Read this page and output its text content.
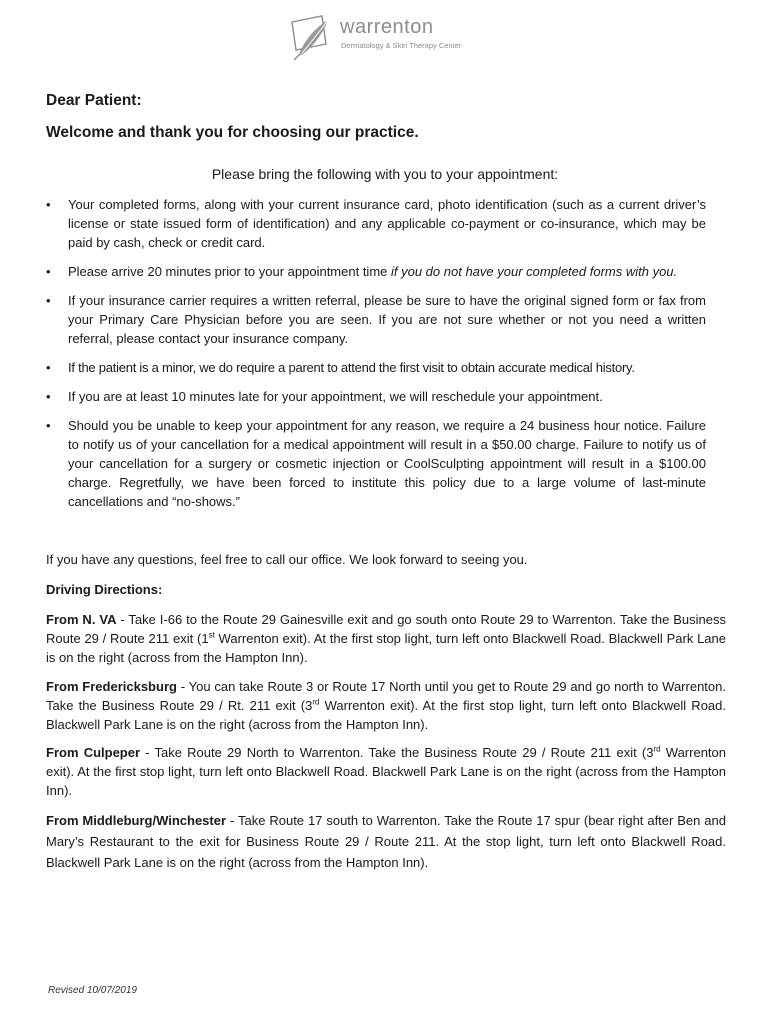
warrenton
Dermatology & Skin Therapy Center
Dear Patient:
Welcome and thank you for choosing our practice.
Please bring the following with you to your appointment:
• Your completed forms, along with your current insurance card, photo identification (such as a current driver’s license or state issued form of identification) and any applicable co-payment or co-insurance, which may be paid by cash, check or credit card.
• Please arrive 20 minutes prior to your appointment time if you do not have your completed forms with you.
• If your insurance carrier requires a written referral, please be sure to have the original signed form or fax from your Primary Care Physician before you are seen. If you are not sure whether or not you need a written referral, please contact your insurance company.
• If the patient is a minor, we do require a parent to attend the first visit to obtain accurate medical history.
• If you are at least 10 minutes late for your appointment, we will reschedule your appointment.
• Should you be unable to keep your appointment for any reason, we require a 24 business hour notice. Failure to notify us of your cancellation for a medical appointment will result in a $50.00 charge. Failure to notify us of your cancellation for a surgery or cosmetic injection or CoolSculpting appointment will result in a $100.00 charge. Regretfully, we have been forced to institute this policy due to a large volume of last-minute cancellations and “no-shows.”
If you have any questions, feel free to call our office. We look forward to seeing you.
Driving Directions:
From N. VA - Take I-66 to the Route 29 Gainesville exit and go south onto Route 29 to Warrenton. Take the Business Route 29 / Route 211 exit (1st Warrenton exit). At the first stop light, turn left onto Blackwell Road. Blackwell Park Lane is on the right (across from the Hampton Inn).
From Fredericksburg - You can take Route 3 or Route 17 North until you get to Route 29 and go north to Warrenton. Take the Business Route 29 / Rt. 211 exit (3rd Warrenton exit). At the first stop light, turn left onto Blackwell Road. Blackwell Park Lane is on the right (across from the Hampton Inn).
From Culpeper - Take Route 29 North to Warrenton. Take the Business Route 29 / Route 211 exit (3rd Warrenton exit). At the first stop light, turn left onto Blackwell Road. Blackwell Park Lane is on the right (across from the Hampton Inn).
From Middleburg/Winchester - Take Route 17 south to Warrenton. Take the Route 17 spur (bear right after Ben and Mary’s Restaurant to the exit for Business Route 29 / Route 211. At the stop light, turn left onto Blackwell Road. Blackwell Park Lane is on the right (across from the Hampton Inn).
Revised 10/07/2019
